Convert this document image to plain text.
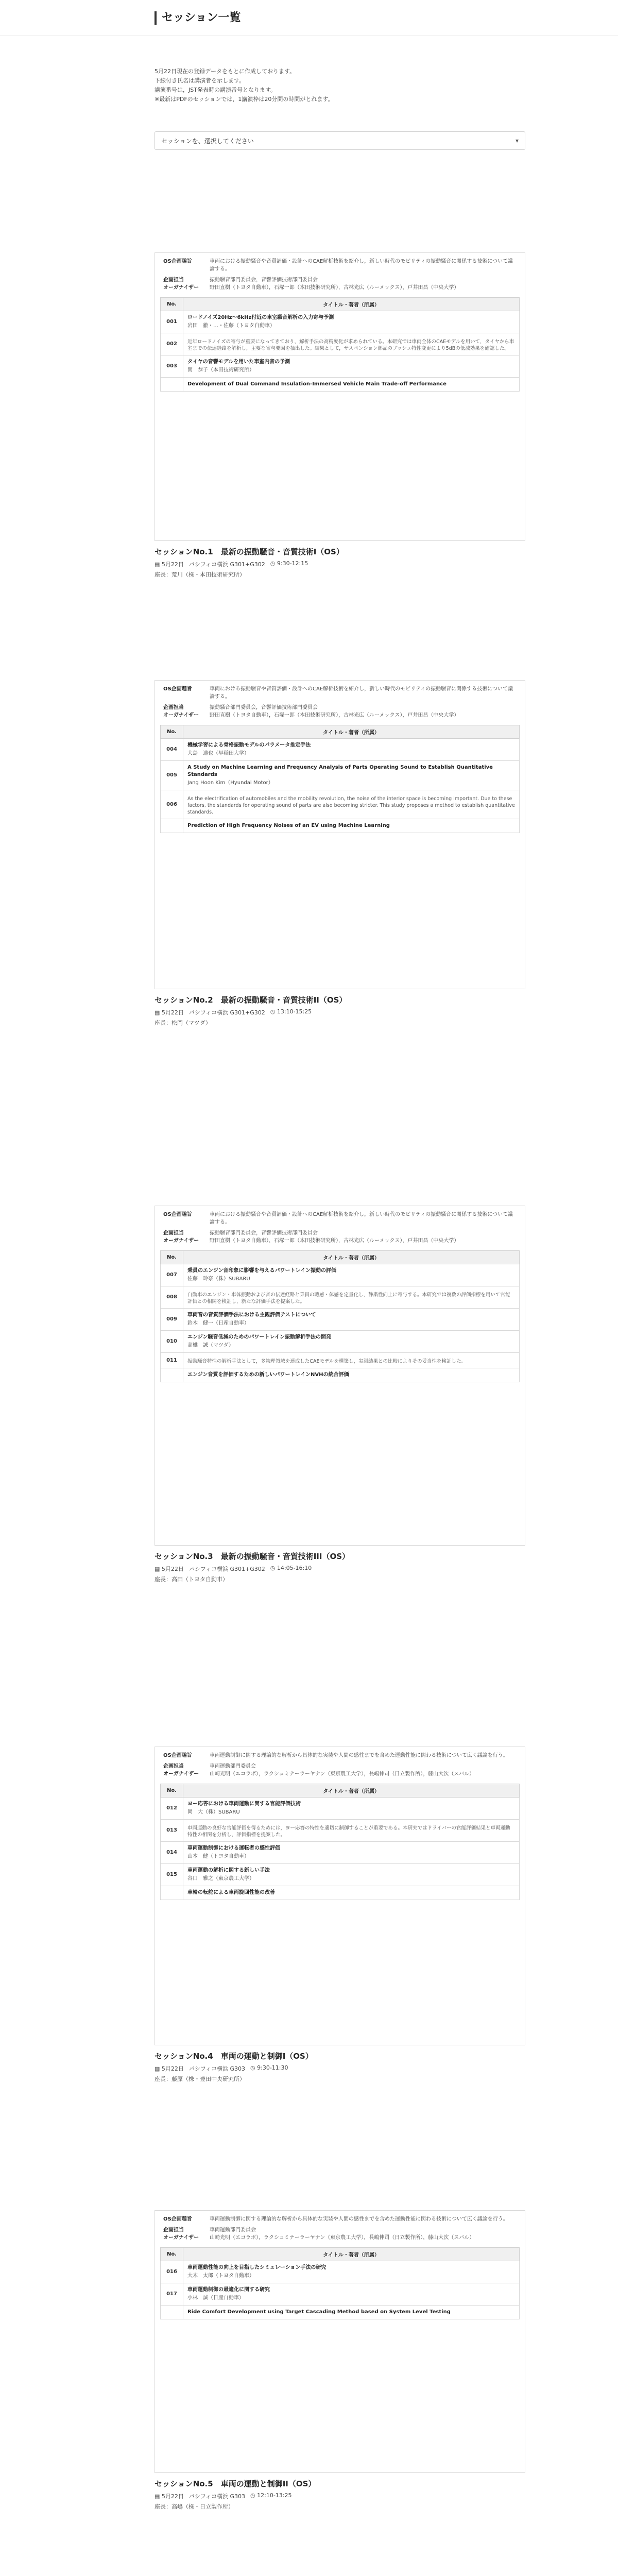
セッション一覧

5月22日現在の登録データをもとに作成しております。

下線付き氏名は講演者を示します。

講演番号は，JST発表時の講演番号となります。

※最新はPDFのセッションでは，1講演枠は20分間の時間がとれます。

セッションを、選択してください	▾
OS企画趣旨	車両における振動騒音や音質評価・設計へのCAE解析技術を紹介し，新しい時代のモビリティの振動騒音に関係する技術について議論する。
企画担当
オーガナイザー	振動騒音部門委員会，音響評価技術部門委員会
野田直樹（トヨタ自動車），石塚一郎（本田技術研究所），古林光広（ルーメックス），戸井田昌（中央大学）
No.	タイトル・著者（所属）
001	ロードノイズ20Hz～6kHz付近の車室騒音解析の入力寄与予測
岩田　徹・…・佐藤（トヨタ自動車）

002	近年ロードノイズの寄与が重要になってきており，解析手法の高精度化が求められている。本研究では車両全体のCAEモデルを用いて，タイヤから車室までの伝達経路を解析し，主要な寄与要因を抽出した。結果として，サスペンション部品のブッシュ特性変更により5dBの低減効果を確認した。

003	タイヤの音響モデルを用いた車室内音の予測
関　恭子（本田技術研究所）

	Development of Dual Command Insulation-Immersed Vehicle Main Trade-off Performance
セッションNo.1　最新の振動騒音・音質技術I（OS）
▦ 5月22日 パシフィコ横浜 G301+G302 ◷ 9:30-12:15
座長：荒川（株・本田技術研究所）
OS企画趣旨	車両における振動騒音や音質評価・設計へのCAE解析技術を紹介し，新しい時代のモビリティの振動騒音に関係する技術について議論する。
企画担当
オーガナイザー	振動騒音部門委員会，音響評価技術部門委員会
野田直樹（トヨタ自動車），石塚一郎（本田技術研究所），古林光広（ルーメックス），戸井田昌（中央大学）
No.	タイトル・著者（所属）
004	機械学習による骨格振動モデルのパラメータ推定手法
大島　達也（早稲田大学）

005	A Study on Machine Learning and Frequency Analysis of Parts Operating Sound to Establish Quantitative Standards
Jang Hoon Kim（Hyundai Motor）

006	As the electrification of automobiles and the mobility revolution, the noise of the interior space is becoming important. Due to these factors, the standards for operating sound of parts are also becoming stricter. This study proposes a method to establish quantitative standards.

	Prediction of High Frequency Noises of an EV using Machine Learning
セッションNo.2　最新の振動騒音・音質技術II（OS）
▦ 5月22日 パシフィコ横浜 G301+G302 ◷ 13:10-15:25
座長：松岡（マツダ）
OS企画趣旨	車両における振動騒音や音質評価・設計へのCAE解析技術を紹介し，新しい時代のモビリティの振動騒音に関係する技術について議論する。
企画担当
オーガナイザー	振動騒音部門委員会，音響評価技術部門委員会
野田直樹（トヨタ自動車），石塚一郎（本田技術研究所），古林光広（ルーメックス），戸井田昌（中央大学）
No.	タイトル・著者（所属）
007	乗員のエンジン音印象に影響を与えるパワートレイン振動の評価
佐藤　玲奈（株）SUBARU

008	自動車のエンジン・車体振動および音の伝達経路と乗員の聴感・体感を定量化し，静粛性向上に寄与する。本研究では複数の評価指標を用いて官能評価との相関を検証し，新たな評価手法を提案した。

009	車両音の音質評価手法における主観評価テストについて
鈴木　健一（日産自動車）

010	エンジン騒音低減のためのパワートレイン振動解析手法の開発
高橋　誠（マツダ）

011	振動騒音特性の解析手法として，多物理領域を連成したCAEモデルを構築し，実測結果との比較によりその妥当性を検証した。

	エンジン音質を評価するための新しいパワートレインNVHの統合評価
セッションNo.3　最新の振動騒音・音質技術III（OS）
▦ 5月22日 パシフィコ横浜 G301+G302 ◷ 14:05-16:10
座長：高田（トヨタ自動車）
OS企画趣旨	車両運動制御に関する理論的な解析から具体的な実装や人間の感性までを含めた運動性能に関わる技術について広く議論を行う。
企画担当
オーガナイザー	車両運動部門委員会
山崎光明（エコラボ），ラクシュミナーラーヤナン（東京農工大学），長嶋伸司（日立製作所），藤山大次（スバル）
No.	タイトル・著者（所属）
012	ヨー応答における車両運動に関する官能評価技術
岡　大（株）SUBARU

013	車両運動の良好な官能評価を得るためには，ヨー応答の特性を適切に制御することが重要である。本研究ではドライバーの官能評価結果と車両運動特性の相関を分析し，評価指標を提案した。

014	車両運動制御における運転者の感性評価
山本　健（トヨタ自動車）

015	車両運動の解析に関する新しい手法
谷口　雅之（東京農工大学）

	車輪の転舵による車両旋回性能の改善
セッションNo.4　車両の運動と制御I（OS）
▦ 5月22日 パシフィコ横浜 G303 ◷ 9:30-11:30
座長：藤原（株・豊田中央研究所）
OS企画趣旨	車両運動制御に関する理論的な解析から具体的な実装や人間の感性までを含めた運動性能に関わる技術について広く議論を行う。
企画担当
オーガナイザー	車両運動部門委員会
山崎光明（エコラボ），ラクシュミナーラーヤナン（東京農工大学），長嶋伸司（日立製作所），藤山大次（スバル）
No.	タイトル・著者（所属）
016	車両運動性能の向上を目指したシミュレーション手法の研究
大木　太郎（トヨタ自動車）

017	車両運動制御の最適化に関する研究
小林　誠（日産自動車）

	Ride Comfort Development using Target Cascading Method based on System Level Testing
セッションNo.5　車両の運動と制御II（OS）
▦ 5月22日 パシフィコ横浜 G303 ◷ 12:10-13:25
座長：高嶋（株・日立製作所）
